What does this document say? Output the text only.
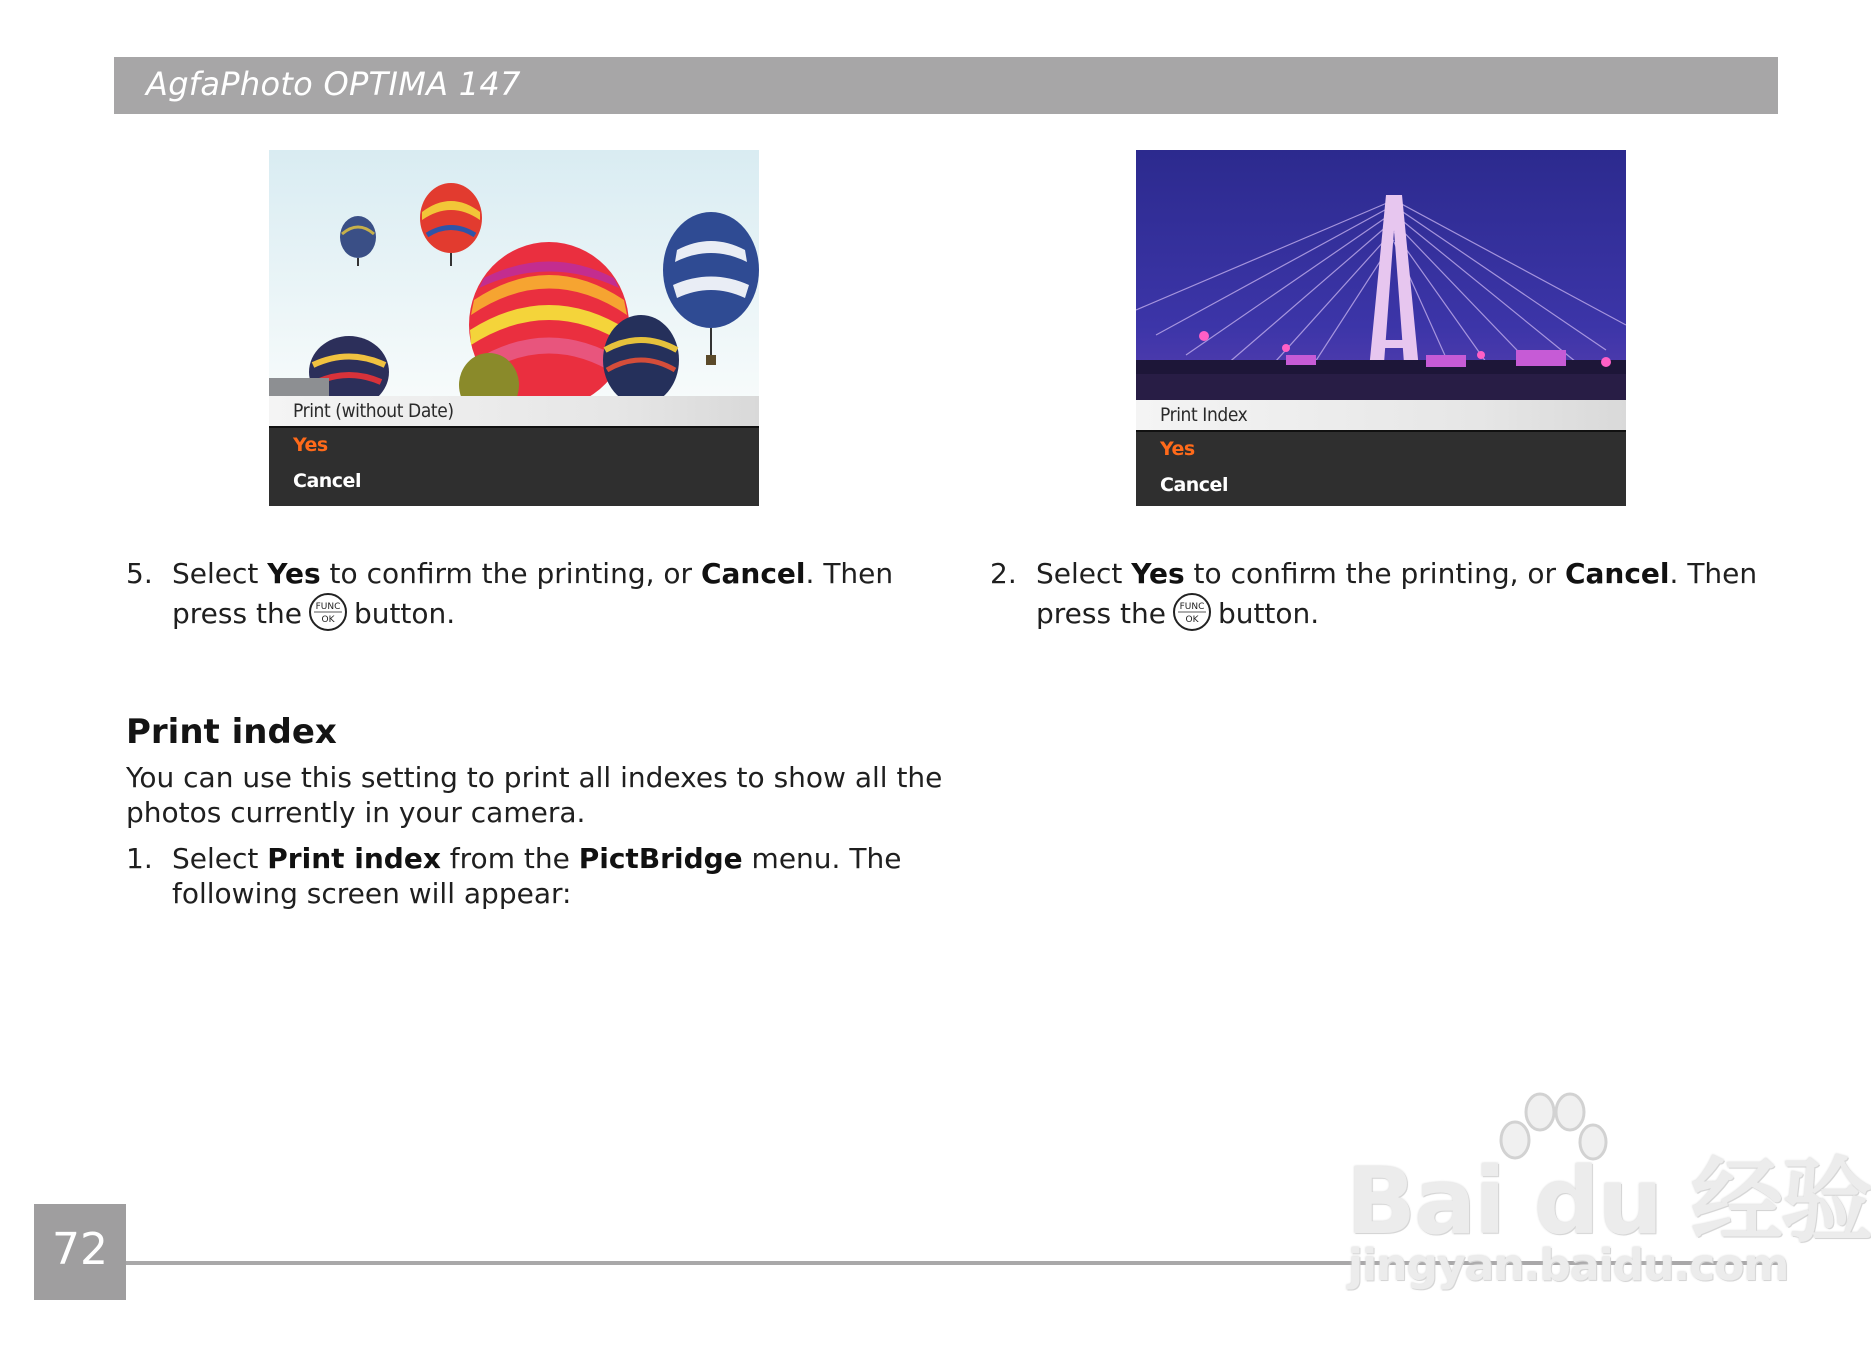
AgfaPhoto OPTIMA 147
Print (without Date)
Yes
Cancel
Print Index
Yes
Cancel
5. Select Yes to confirm the printing, or Cancel. Then
press the FUNC
OK button.
2. Select Yes to confirm the printing, or Cancel. Then
press the FUNC
OK button.
Print index
You can use this setting to print all indexes to show all the
photos currently in your camera.
1. Select Print index from the PictBridge menu. The
following screen will appear:
72	Bai du 经验
jingyan.baidu.com
